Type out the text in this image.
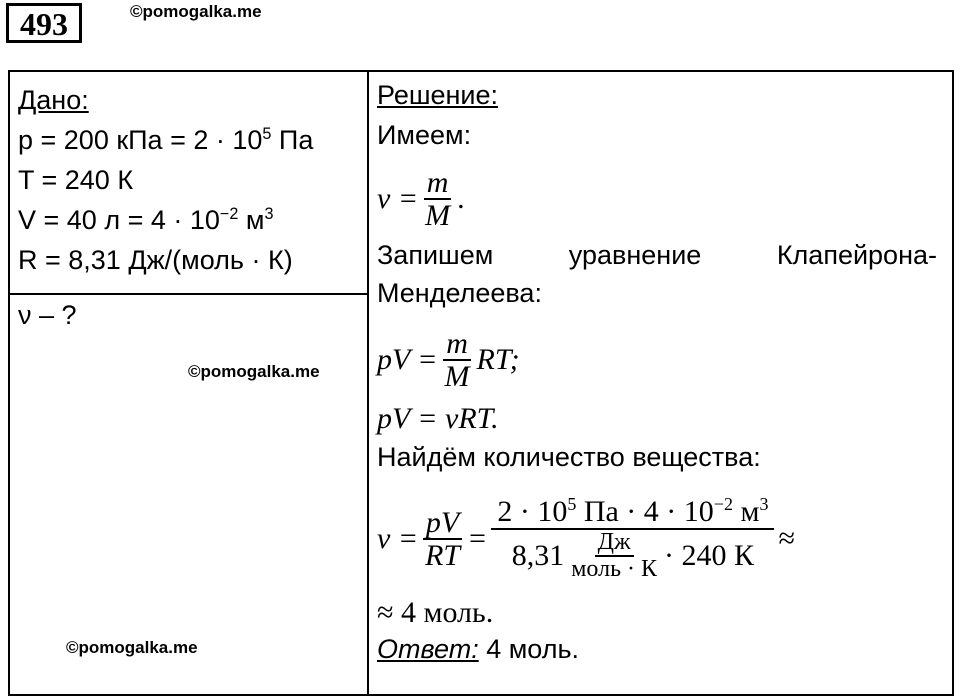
493	©pomogalka.me
Дано:
p = 200 кПа = $2 \cdot 10^5$ Па
T = 240 К
V = 40 $л = 4 \cdot 10^{-2}$ $м^3$
R = 8,31 Дж/(моль · К)
ν – ?
©pomogalka.me
©pomogalka.me
Решение:
Имеем:
$\nu = \frac{m}{M}$ .
Запишем	уравнение	Клапейрона-
Менделеева:
pV = $\frac{m}{M}$ RT;
pV = νRT.
Найдём количество вещества:
$\nu = \frac{pV}{RT} = \frac{2 \cdot 10^5 Па \cdot 4 \cdot 10^{-2} м^3}{8,31 \frac{Дж}{\text{моль · К}} \cdot 240 К}$ ≈
≈ 4 моль.
Ответ: 4 моль.
